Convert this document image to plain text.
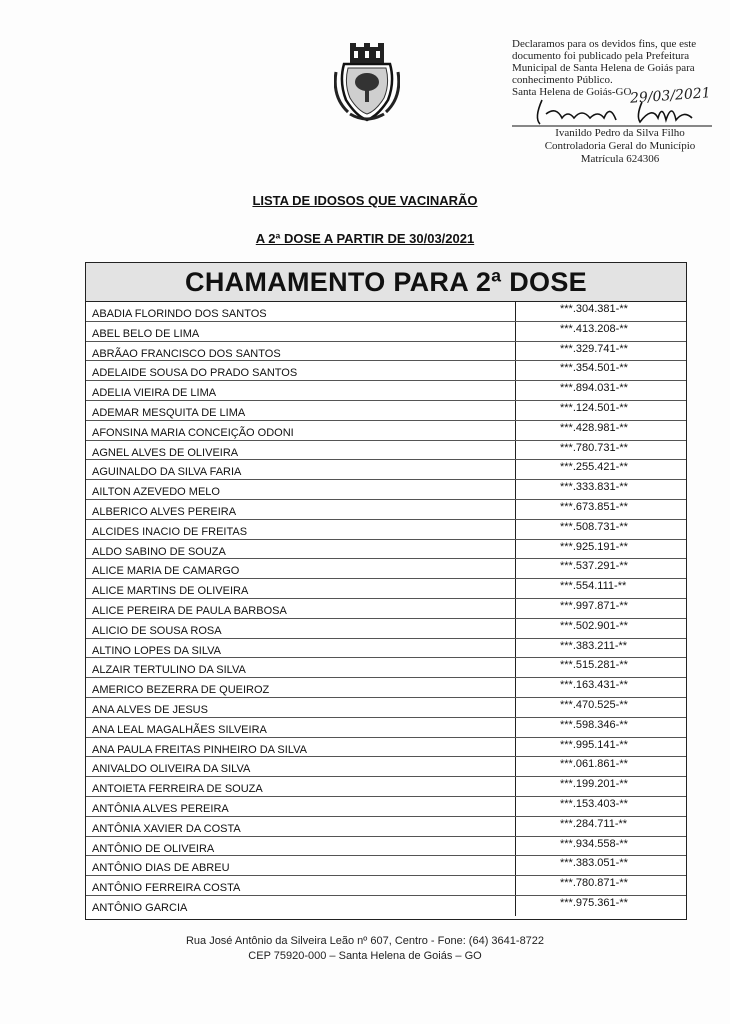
Declaramos para os devidos fins, que este
documento foi publicado pela Prefeitura
Municipal de Santa Helena de Goiás para
conhecimento Público.
Santa Helena de Goiás-GO
29/03/2021
Ivanildo Pedro da Silva Filho
Controladoria Geral do Município
Matrícula 624306
LISTA DE IDOSOS QUE VACINARÃO
A 2ª DOSE A PARTIR DE 30/03/2021
CHAMAMENTO PARA 2ª DOSE
ABADIA FLORINDO DOS SANTOS	***.304.381-**
ABEL BELO DE LIMA	***.413.208-**
ABRÃAO FRANCISCO DOS SANTOS	***.329.741-**
ADELAIDE SOUSA DO PRADO SANTOS	***.354.501-**
ADELIA VIEIRA DE LIMA	***.894.031-**
ADEMAR MESQUITA DE LIMA	***.124.501-**
AFONSINA MARIA CONCEIÇÃO ODONI	***.428.981-**
AGNEL ALVES DE OLIVEIRA	***.780.731-**
AGUINALDO DA SILVA FARIA	***.255.421-**
AILTON AZEVEDO MELO	***.333.831-**
ALBERICO ALVES PEREIRA	***.673.851-**
ALCIDES INACIO DE FREITAS	***.508.731-**
ALDO SABINO DE SOUZA	***.925.191-**
ALICE MARIA DE CAMARGO	***.537.291-**
ALICE MARTINS DE OLIVEIRA	***.554.111-**
ALICE PEREIRA DE PAULA BARBOSA	***.997.871-**
ALICIO DE SOUSA ROSA	***.502.901-**
ALTINO LOPES DA SILVA	***.383.211-**
ALZAIR TERTULINO DA SILVA	***.515.281-**
AMERICO BEZERRA DE QUEIROZ	***.163.431-**
ANA ALVES DE JESUS	***.470.525-**
ANA LEAL MAGALHÃES SILVEIRA	***.598.346-**
ANA PAULA FREITAS PINHEIRO DA SILVA	***.995.141-**
ANIVALDO OLIVEIRA DA SILVA	***.061.861-**
ANTOIETA FERREIRA DE SOUZA	***.199.201-**
ANTÔNIA ALVES PEREIRA	***.153.403-**
ANTÔNIA XAVIER DA COSTA	***.284.711-**
ANTÔNIO DE OLIVEIRA	***.934.558-**
ANTÔNIO DIAS DE ABREU	***.383.051-**
ANTÔNIO FERREIRA COSTA	***.780.871-**
ANTÔNIO GARCIA	***.975.361-**
Rua José Antônio da Silveira Leão nº 607, Centro - Fone: (64) 3641-8722
CEP 75920-000 – Santa Helena de Goiás – GO
